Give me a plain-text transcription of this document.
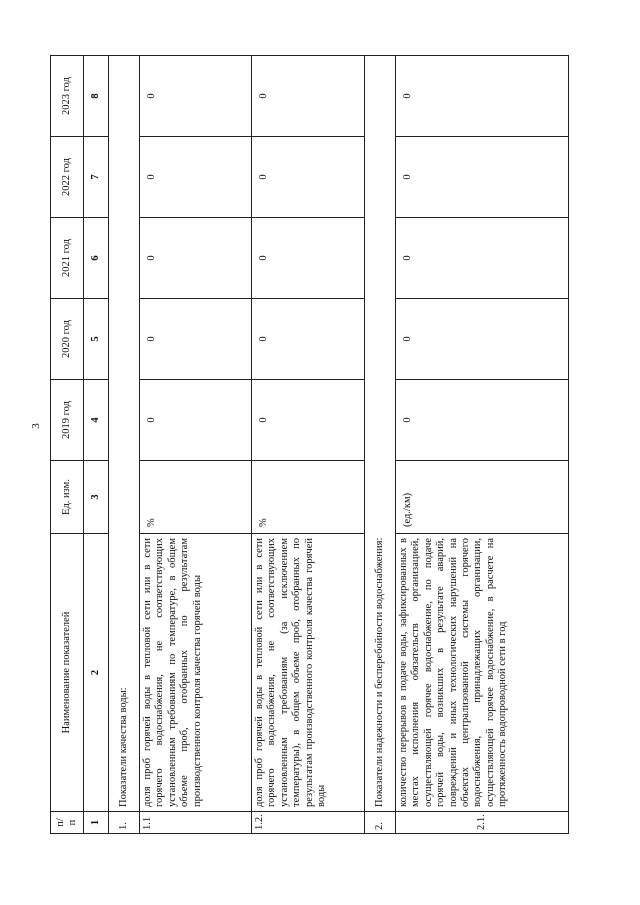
3
п/п	Наименование показателей	Ед. изм.	2019 год	2020 год	2021 год	2022 год	2023 год
1	2	3	4	5	6	7	8
1.	Показатели качества воды:						
1.1	доля проб горячей воды в тепловой сети или в сети горячего водоснабжения, не соответствующих установленным требованиям по температуре, в общем объеме проб, отобранных по результатам производственного контроля качества горячей воды	%	0	0	0	0	0
1.2.	доля проб горячей воды в тепловой сети или в сети горячего водоснабжения, не соответствующих установленным требованиям (за исключением температуры), в общем объеме проб, отобранных по результатам производственного контроля качества горячей воды	%	0	0	0	0	0
2.	Показатели надежности и бесперебойности водоснабжения:						
2.1.	количество перерывов в подаче воды, зафиксированных в местах исполнения обязательств организацией, осуществляющей горячее водоснабжение, по подаче горячей воды, возникших в результате аварий, повреждений и иных технологических нарушений на объектах централизованной системы горячего водоснабжения, принадлежащих организации, осуществляющей горячее водоснабжение, в расчете на протяженность водопроводной сети в год	(ед./км)	0	0	0	0	0
